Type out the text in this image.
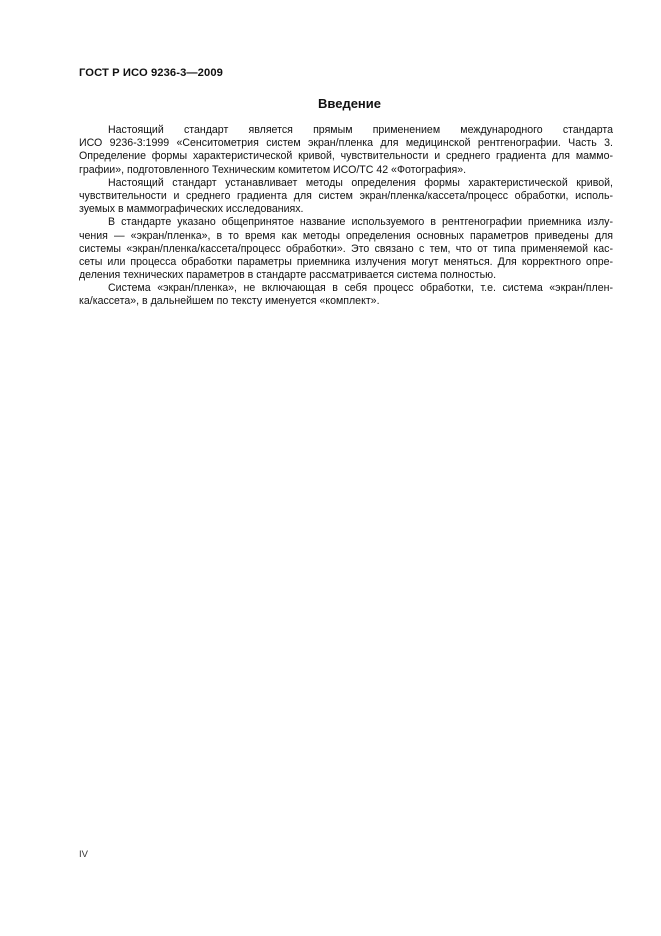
ГОСТ Р ИСО 9236-3—2009
Введение
Настоящий стандарт является прямым применением международного стандарта
ИСО 9236-3:1999 «Сенситометрия систем экран/пленка для медицинской рентгенографии. Часть 3.
Определение формы характеристической кривой, чувствительности и среднего градиента для маммо-
графии», подготовленного Техническим комитетом ИСО/ТС 42 «Фотография».
Настоящий стандарт устанавливает методы определения формы характеристической кривой,
чувствительности и среднего градиента для систем экран/пленка/кассета/процесс обработки, исполь-
зуемых в маммографических исследованиях.
В стандарте указано общепринятое название используемого в рентгенографии приемника излу-
чения — «экран/пленка», в то время как методы определения основных параметров приведены для
системы «экран/пленка/кассета/процесс обработки». Это связано с тем, что от типа применяемой кас-
сеты или процесса обработки параметры приемника излучения могут меняться. Для корректного опре-
деления технических параметров в стандарте рассматривается система полностью.
Система «экран/пленка», не включающая в себя процесс обработки, т.е. система «экран/плен-
ка/кассета», в дальнейшем по тексту именуется «комплект».
IV
